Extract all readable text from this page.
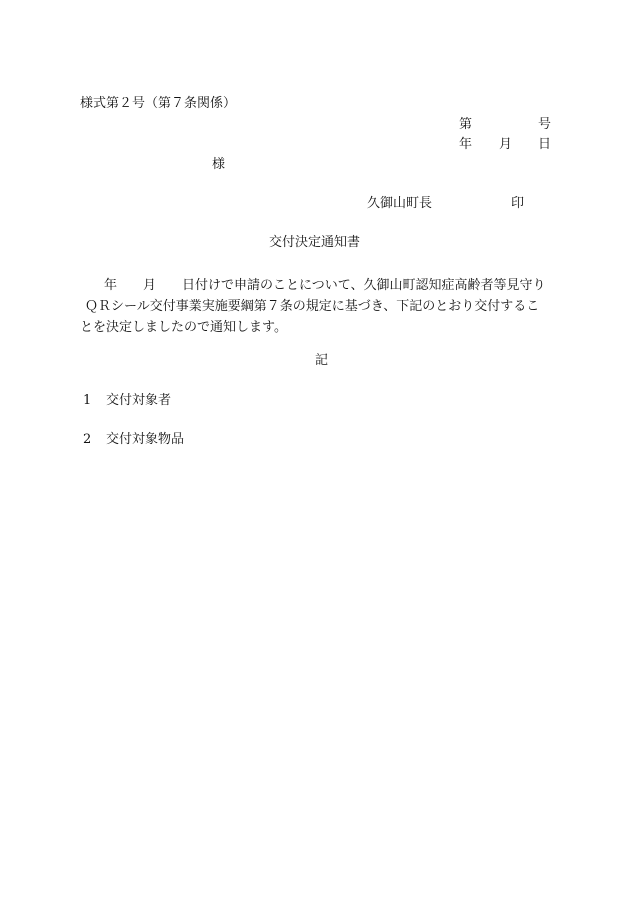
様式第２号（第７条関係）
第	号
年 月 日
様
久御山町長	印
交付決定通知書
年　　月　　日付けで申請のことについて、久御山町認知症高齢者等見守り
ＱＲシール交付事業実施要綱第７条の規定に基づき、下記のとおり交付するこ
とを決定しましたので通知します。
記
1 交付対象者
2 交付対象物品
